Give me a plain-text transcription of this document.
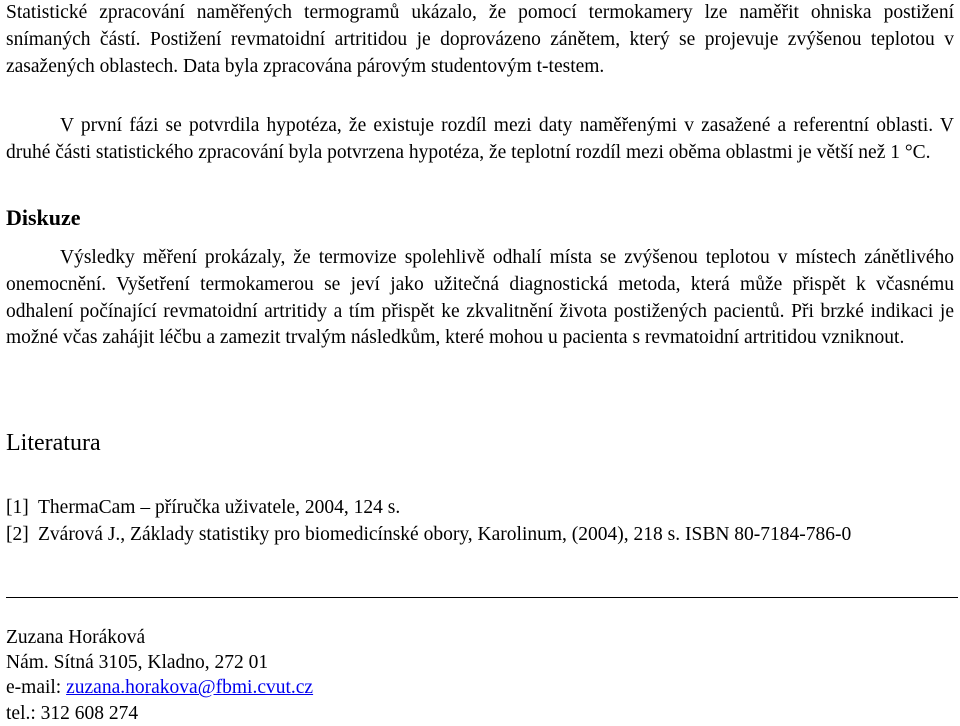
Statistické zpracování naměřených termogramů ukázalo, že pomocí termokamery lze naměřit ohniska postižení snímaných částí. Postižení revmatoidní artritidou je doprovázeno zánětem, který se projevuje zvýšenou teplotou v zasažených oblastech. Data byla zpracována párovým studentovým t-testem.

V první fázi se potvrdila hypotéza, že existuje rozdíl mezi daty naměřenými v zasažené a referentní oblasti. V druhé části statistického zpracování byla potvrzena hypotéza, že teplotní rozdíl mezi oběma oblastmi je větší než 1 °C.

Diskuze

Výsledky měření prokázaly, že termovize spolehlivě odhalí místa se zvýšenou teplotou v místech zánětlivého onemocnění. Vyšetření termokamerou se jeví jako užitečná diagnostická metoda, která může přispět k včasnému odhalení počínající revmatoidní artritidy a tím přispět ke zkvalitnění života postižených pacientů. Při brzké indikaci je možné včas zahájit léčbu a zamezit trvalým následkům, které mohou u pacienta s revmatoidní artritidou vzniknout.

Literatura
[1] ThermaCam – příručka uživatele, 2004, 124 s.
[2] Zvárová J., Základy statistiky pro biomedicínské obory, Karolinum, (2004), 218 s. ISBN 80-7184-786-0
Zuzana Horáková
Nám. Sítná 3105, Kladno, 272 01
e-mail: zuzana.horakova@fbmi.cvut.cz
tel.: 312 608 274
